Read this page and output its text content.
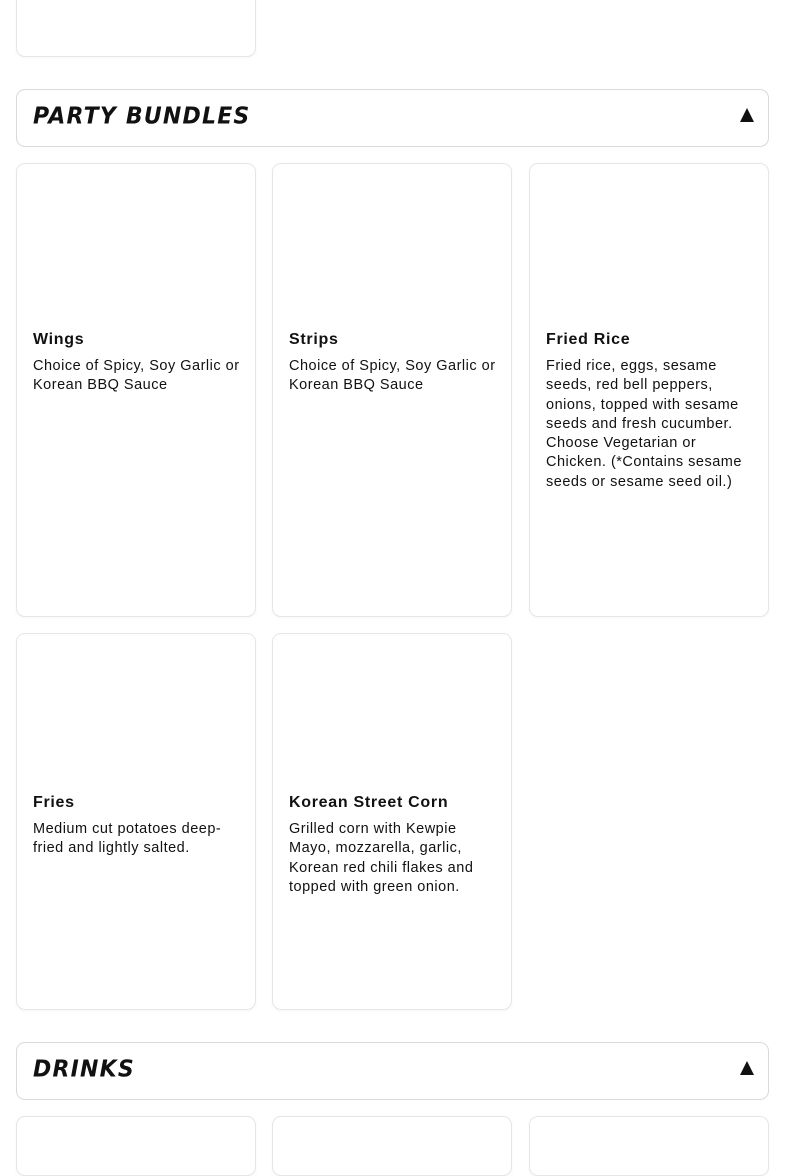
PARTY BUNDLES
Wings
Choice of Spicy, Soy Garlic or Korean BBQ Sauce
Strips
Choice of Spicy, Soy Garlic or Korean BBQ Sauce
Fried Rice
Fried rice, eggs, sesame seeds, red bell peppers, onions, topped with sesame seeds and fresh cucumber. Choose Vegetarian or Chicken. (*Contains sesame seeds or sesame seed oil.)
Fries
Medium cut potatoes deep-fried and lightly salted.
Korean Street Corn
Grilled corn with Kewpie Mayo, mozzarella, garlic, Korean red chili flakes and topped with green onion.
DRINKS
